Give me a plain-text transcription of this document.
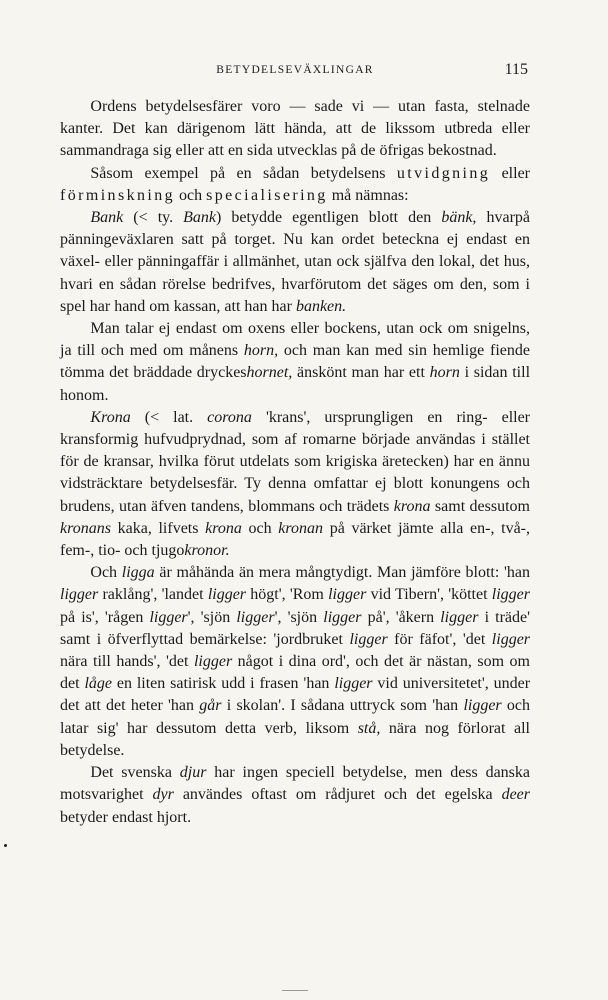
BETYDELSEVÄXLINGAR	115

Ordens betydelsesfärer voro — sade vi — utan fasta, stelnade kanter. Det kan därigenom lätt hända, att de likssom utbreda eller sammandraga sig eller att en sida utvecklas på de öfrigas bekostnad.

Såsom exempel på en sådan betydelsens utvidgning eller förminskning och specialisering må nämnas:

Bank (< ty. Bank) betydde egentligen blott den bänk, hvarpå pänningeväxlaren satt på torget. Nu kan ordet beteckna ej endast en växel- eller pänningaffär i allmänhet, utan ock själfva den lokal, det hus, hvari en sådan rörelse bedrifves, hvarförutom det säges om den, som i spel har hand om kassan, att han har banken.

Man talar ej endast om oxens eller bockens, utan ock om snigelns, ja till och med om månens horn, och man kan med sin hemlige fiende tömma det bräddade dryckeshornet, änskönt man har ett horn i sidan till honom.

Krona (< lat. corona 'krans', ursprungligen en ring- eller kransformig hufvudprydnad, som af romarne började användas i stället för de kransar, hvilka förut utdelats som krigiska äretecken) har en ännu vidsträcktare betydelsesfär. Ty denna omfattar ej blott konungens och brudens, utan äfven tandens, blommans och trädets krona samt dessutom kronans kaka, lifvets krona och kronan på värket jämte alla en-, två-, fem-, tio- och tjugokronor.

Och ligga är måhända än mera mångtydigt. Man jämföre blott: 'han ligger raklång', 'landet ligger högt', 'Rom ligger vid Tibern', 'köttet ligger på is', 'rågen ligger', 'sjön ligger', 'sjön ligger på', 'åkern ligger i träde' samt i öfverflyttad bemärkelse: 'jordbruket ligger för fäfot', 'det ligger nära till hands', 'det ligger något i dina ord', och det är nästan, som om det låge en liten satirisk udd i frasen 'han ligger vid universitetet', under det att det heter 'han går i skolan'. I sådana uttryck som 'han ligger och latar sig' har dessutom detta verb, liksom stå, nära nog förlorat all betydelse.

Det svenska djur har ingen speciell betydelse, men dess danska motsvarighet dyr användes oftast om rådjuret och det egelska deer betyder endast hjort.
